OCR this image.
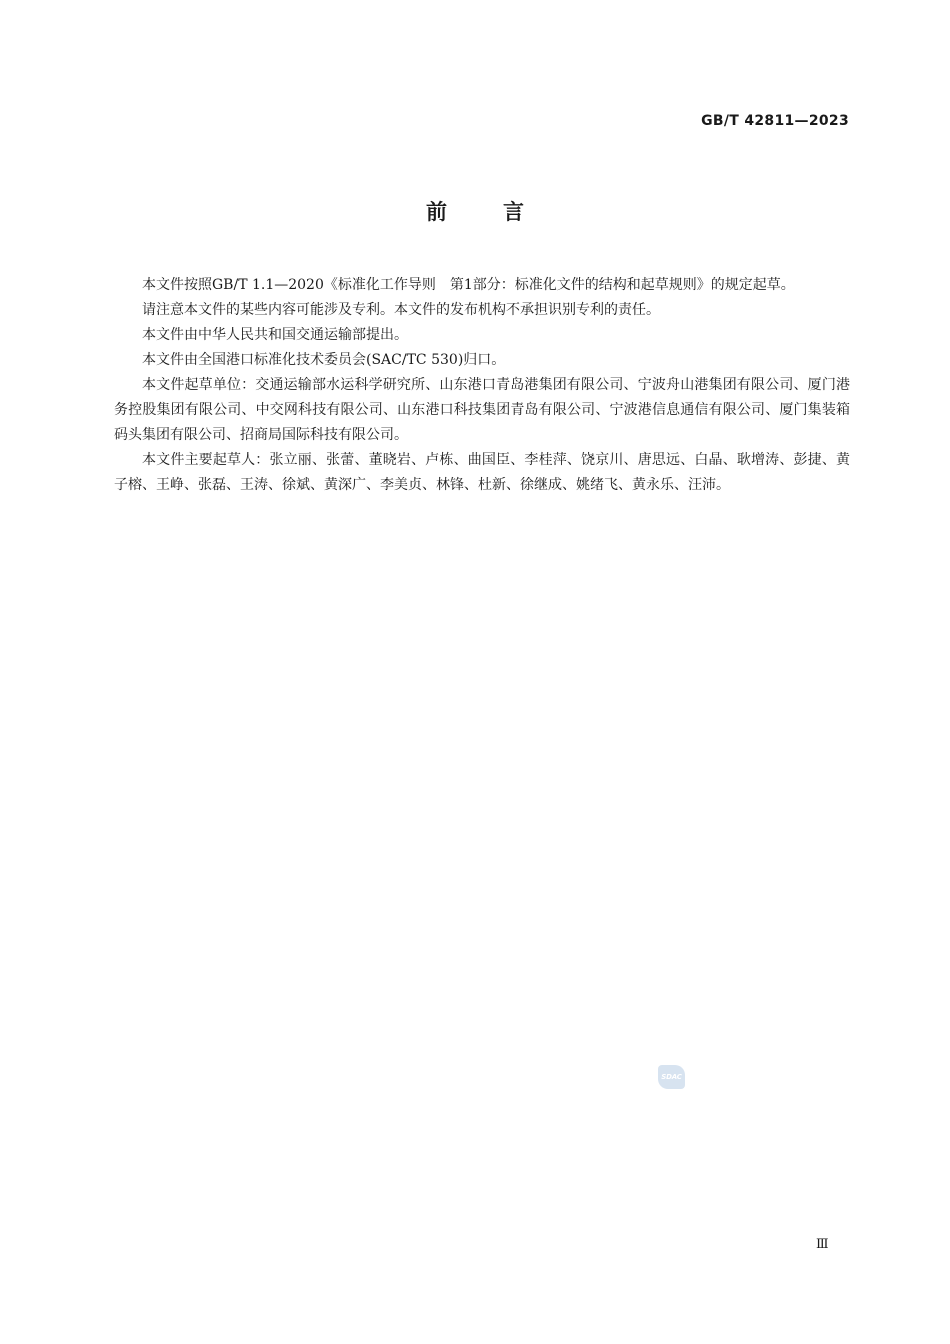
GB/T 42811—2023
前	言

本文件按照GB/T 1.1—2020《标准化工作导则　第1部分：标准化文件的结构和起草规则》的规定起草。

请注意本文件的某些内容可能涉及专利。本文件的发布机构不承担识别专利的责任。

本文件由中华人民共和国交通运输部提出。

本文件由全国港口标准化技术委员会(SAC/TC 530)归口。

本文件起草单位：交通运输部水运科学研究所、山东港口青岛港集团有限公司、宁波舟山港集团有限公司、厦门港务控股集团有限公司、中交网科技有限公司、山东港口科技集团青岛有限公司、宁波港信息通信有限公司、厦门集装箱码头集团有限公司、招商局国际科技有限公司。

本文件主要起草人：张立丽、张蕾、董晓岩、卢栋、曲国臣、李桂萍、饶京川、唐思远、白晶、耿增涛、彭捷、黄子榕、王峥、张磊、王涛、徐斌、黄深广、李美贞、林锋、杜新、徐继成、姚绪飞、黄永乐、汪沛。

SDAC
Ⅲ
